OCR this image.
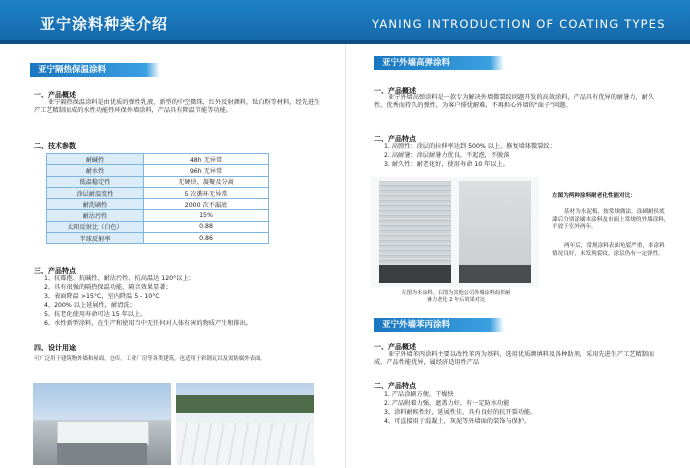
亚宁涂料种类介绍	YANING INTRODUCTION OF COATING TYPES
亚宁隔热保温涂料
一、产品概述
亚宁隔热保温涂料是由优质的弹性乳液，新型的中空微珠，红外反射颜料，钛白粉等材料，经先进生产工艺精制而成的水性功能性环保外墙涂料，产品具有降温节能等功能。
二、技术参数
耐碱性	48h 无异常
耐水性	96h 无异常
低温稳定性	无硬块、凝聚及分离
涂层耐温变性	5 次循环无异常
耐洗刷性	2000 次不漏底
耐沾污性	15%
太阳反射比（白色）	0.88
半球反射率	0.86
三、产品特点
1、抗霉抱、抗碱性、耐沾污性、抗高温达 120°以上；
2、具有很强的隔热保温功能，隔音效果显著；
3、表面降温 >15°C，室内降温 5 - 10°C
4、200% 以上延展性，耐清洗；
5、抗老化使用寿命可达 15 年以上。
6、水性新型涂料，在生产和使用当中无任何对人体有害的物质产生和排出。
四、设计用途
可广泛用于建筑物外墙和屋面，仓库，工业厂房等各类建筑，也适用于彩钢瓦以及需防腐外表面。
亚宁外墙高弹涂料
一、产品概述
亚宁外墙高弹涂料是一款专为解决外墙微裂纹问题开发的高效涂料，产品具有优异的耐暑力，耐久性，优秀而持久的弹性，为客户排忧解难，不再担心外墙的"面子"问题。
二、产品特点
1. 高弹性：涂层的拉伸率达到 500% 以上，修复墙体微裂纹；
2. 高耐暑：涂层耐暑力优良，不起泡，不脱落
3. 耐久性：耐老化好，使用寿命 10 年以上。
左图为本涂料，右图为其他公司外墙涂料曲折耐暑力老化 2 年后效果对比
左图为两种涂料耐老化性能对比：
基材为水泥板，按常规做法，涂刷耐侯底漆后分别涂刷本涂料及市面上常规的外墙涂料，平放于室外两年。
两年后，常规涂料表面龟裂严重，本涂料情况良好，未发现裂纹，涂层仍有一定弹性。
亚宁外墙苯丙涂料
一、产品概述
亚宁外墙苯丙涂料主要以改性苯丙为基料，选用优质颜填料及各种助剂，采用先进生产工艺精制而成，产品性能优异，属经济适用性产品
二、产品特点
1. 产品涂刷方便，干燥快
2. 产品附着力强，遮盖力好，有一定防水功能
3、涂料耐候性好，延展性佳，具有良好的抗开裂功能。
4、可直接用于混凝土，灰泥等外墙面的装饰与保护。
